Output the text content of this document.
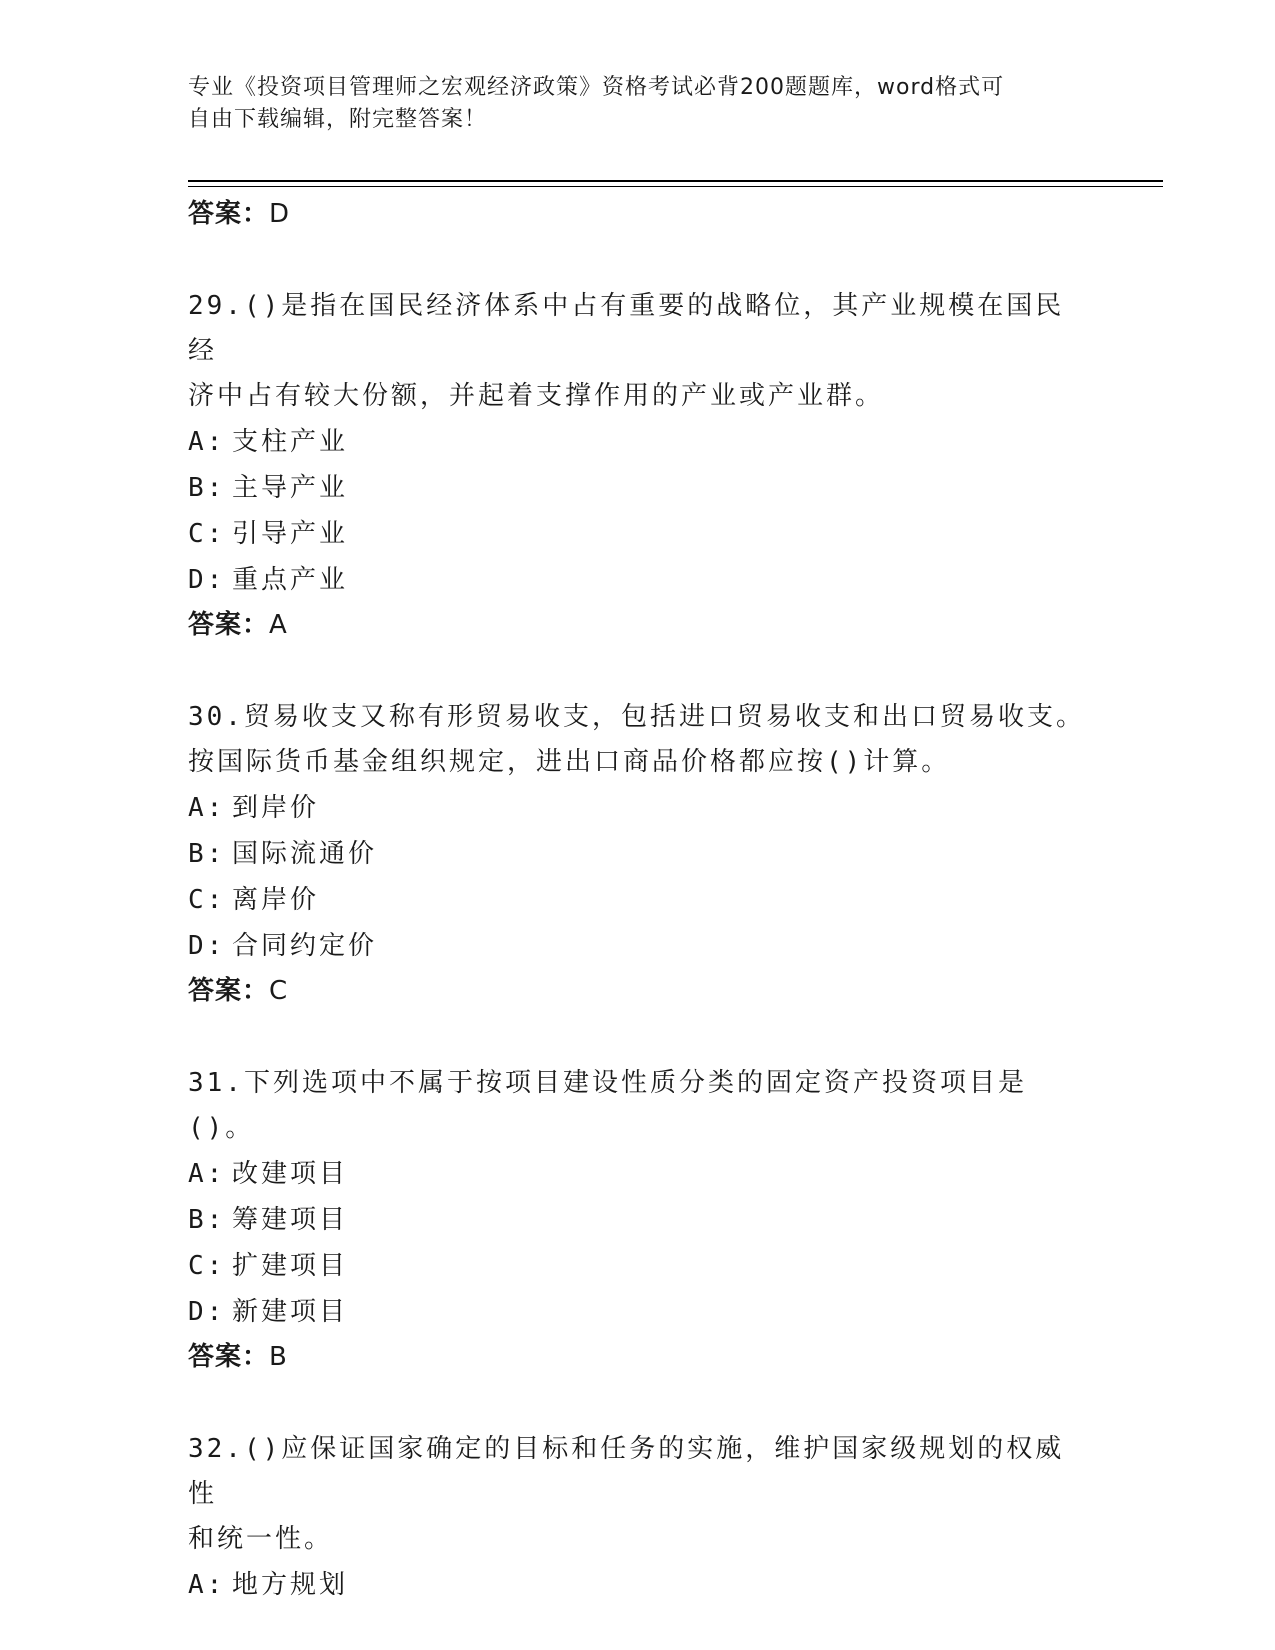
专业《投资项目管理师之宏观经济政策》资格考试必背200题题库，word格式可
自由下载编辑，附完整答案！
答案：D
29.()是指在国民经济体系中占有重要的战略位，其产业规模在国民经
济中占有较大份额，并起着支撑作用的产业或产业群。
A: 支柱产业
B: 主导产业
C: 引导产业
D: 重点产业
答案：A
30.贸易收支又称有形贸易收支，包括进口贸易收支和出口贸易收支。
按国际货币基金组织规定，进出口商品价格都应按()计算。
A: 到岸价
B: 国际流通价
C: 离岸价
D: 合同约定价
答案：C
31.下列选项中不属于按项目建设性质分类的固定资产投资项目是()。
A: 改建项目
B: 筹建项目
C: 扩建项目
D: 新建项目
答案：B
32.()应保证国家确定的目标和任务的实施，维护国家级规划的权威性
和统一性。
A: 地方规划
